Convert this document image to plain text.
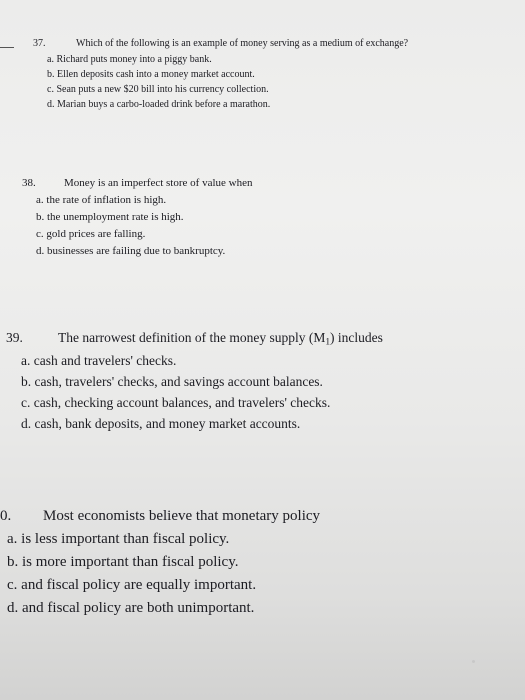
37.	Which of the following is an example of money serving as a medium of exchange?
a. Richard puts money into a piggy bank.
b. Ellen deposits cash into a money market account.
c. Sean puts a new $20 bill into his currency collection.
d. Marian buys a carbo-loaded drink before a marathon.
38.	Money is an imperfect store of value when
a. the rate of inflation is high.
b. the unemployment rate is high.
c. gold prices are falling.
d. businesses are failing due to bankruptcy.
39.	The narrowest definition of the money supply $(M_1)$ includes
a. cash and travelers' checks.
b. cash, travelers' checks, and savings account balances.
c. cash, checking account balances, and travelers' checks.
d. cash, bank deposits, and money market accounts.
0. Most economists believe that monetary policy
a. is less important than fiscal policy.
b. is more important than fiscal policy.
c. and fiscal policy are equally important.
d. and fiscal policy are both unimportant.
